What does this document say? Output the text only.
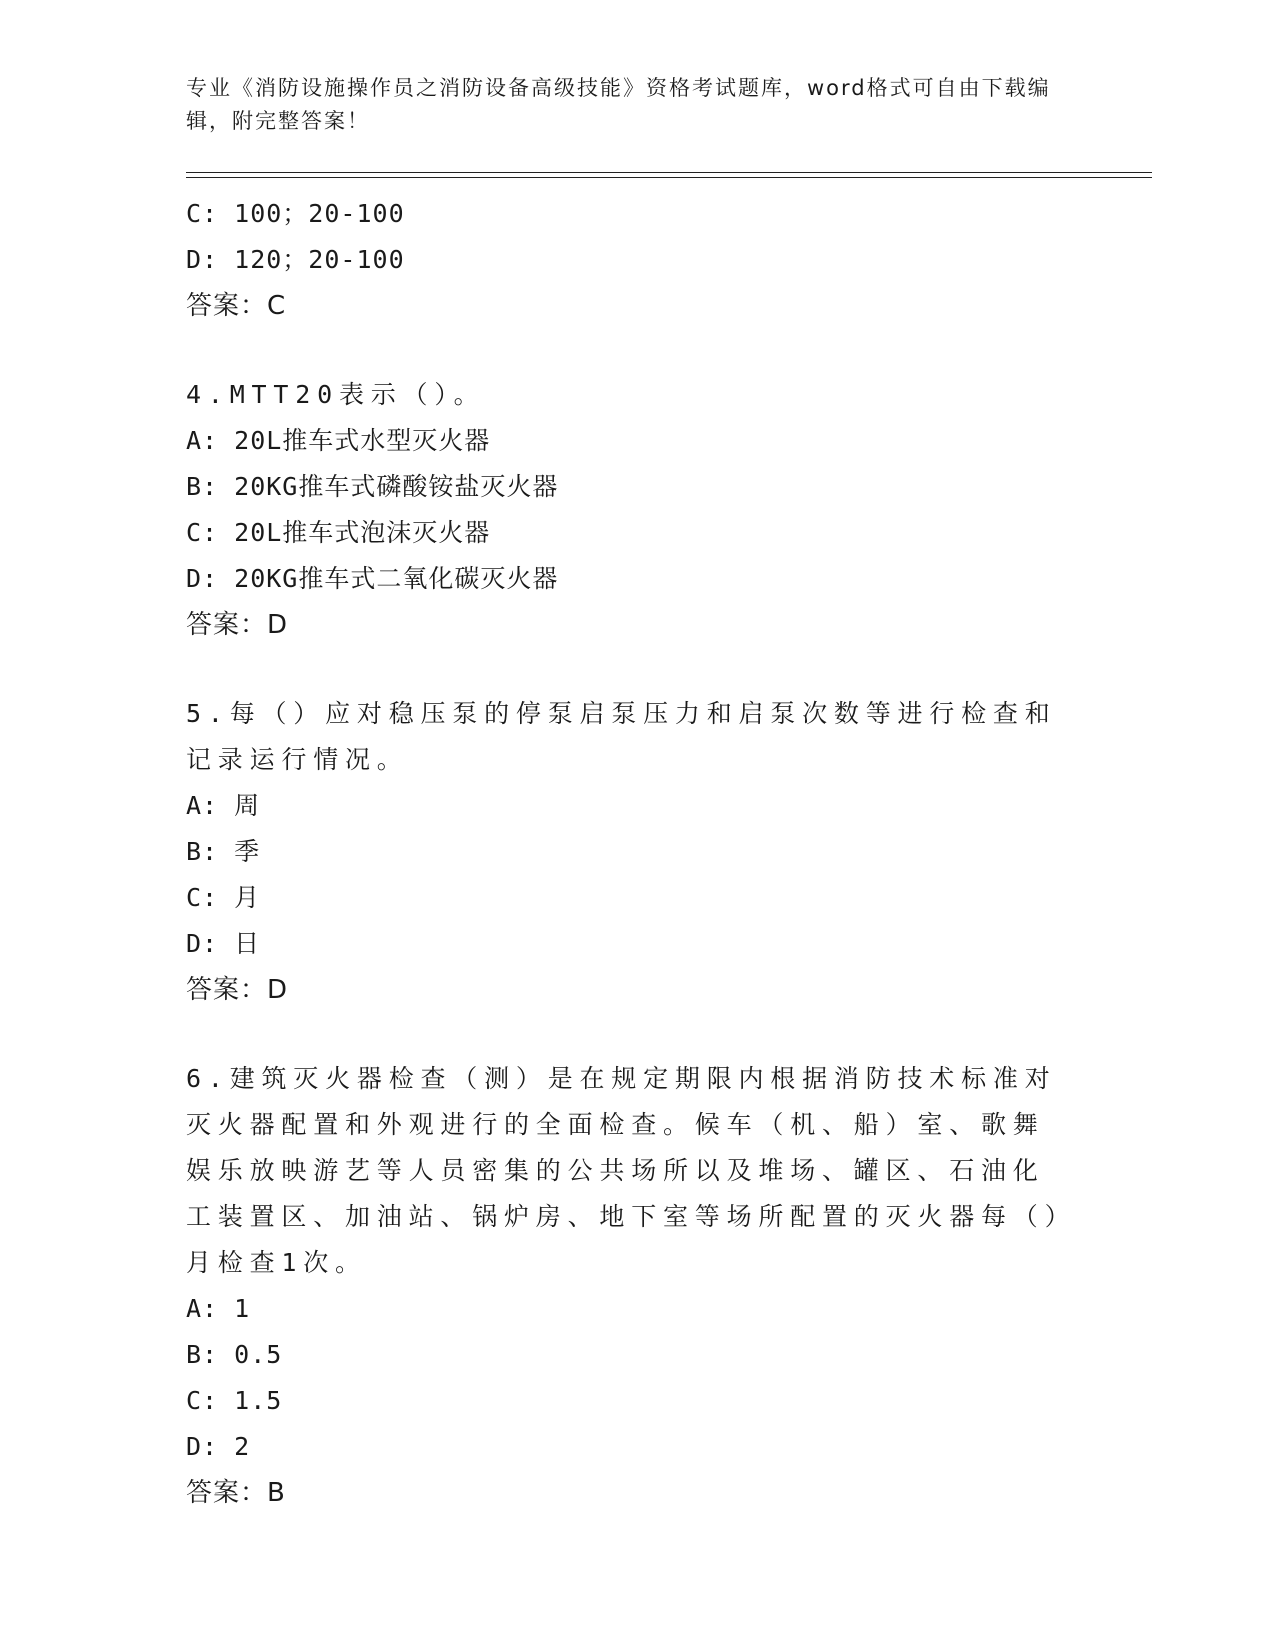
专业《消防设施操作员之消防设备高级技能》资格考试题库，word格式可自由下载编辑，附完整答案！
C: 100；20-100
D: 120；20-100
答案：C
4.MTT20表示（）。
A: 20L推车式水型灭火器
B: 20KG推车式磷酸铵盐灭火器
C: 20L推车式泡沫灭火器
D: 20KG推车式二氧化碳灭火器
答案：D
5.每（）应对稳压泵的停泵启泵压力和启泵次数等进行检查和记录运行情况。
A: 周
B: 季
C: 月
D: 日
答案：D
6.建筑灭火器检查（测）是在规定期限内根据消防技术标准对灭火器配置和外观进行的全面检查。候车（机、船）室、歌舞娱乐放映游艺等人员密集的公共场所以及堆场、罐区、石油化工装置区、加油站、锅炉房、地下室等场所配置的灭火器每（）月检查1次。
A: 1
B: 0.5
C: 1.5
D: 2
答案：B
